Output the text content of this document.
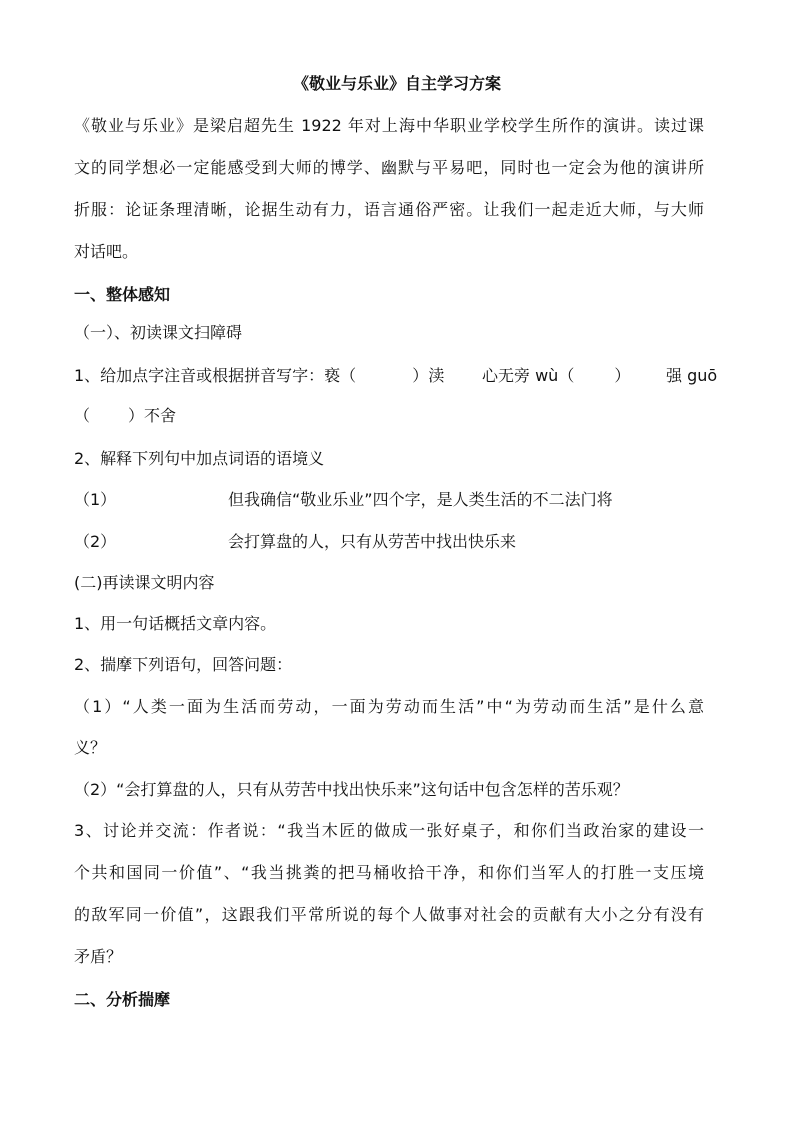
《敬业与乐业》自主学习方案
《敬业与乐业》是梁启超先生 1922 年对上海中华职业学校学生所作的演讲。读过课
文的同学想必一定能感受到大师的博学、幽默与平易吧，同时也一定会为他的演讲所
折服：论证条理清晰，论据生动有力，语言通俗严密。让我们一起走近大师，与大师
对话吧。
一、整体感知
（一）、初读课文扫障碍
1、给加点字注音或根据拼音写字：亵（	）渎 心无旁 wù（	） 强 guō
（ ）不舍
2、解释下列句中加点词语的语境义
（1）	但我确信“敬业乐业”四个字，是人类生活的不二法门将
（2）	会打算盘的人，只有从劳苦中找出快乐来
(二)再读课文明内容
1、用一句话概括文章内容。
2、揣摩下列语句，回答问题：
（1）“人类一面为生活而劳动，一面为劳动而生活”中“为劳动而生活”是什么意
义？
（2）“会打算盘的人，只有从劳苦中找出快乐来”这句话中包含怎样的苦乐观？
3、讨论并交流：作者说：“我当木匠的做成一张好桌子，和你们当政治家的建设一
个共和国同一价值”、“我当挑粪的把马桶收拾干净，和你们当军人的打胜一支压境
的敌军同一价值”，这跟我们平常所说的每个人做事对社会的贡献有大小之分有没有
矛盾？
二、分析揣摩
